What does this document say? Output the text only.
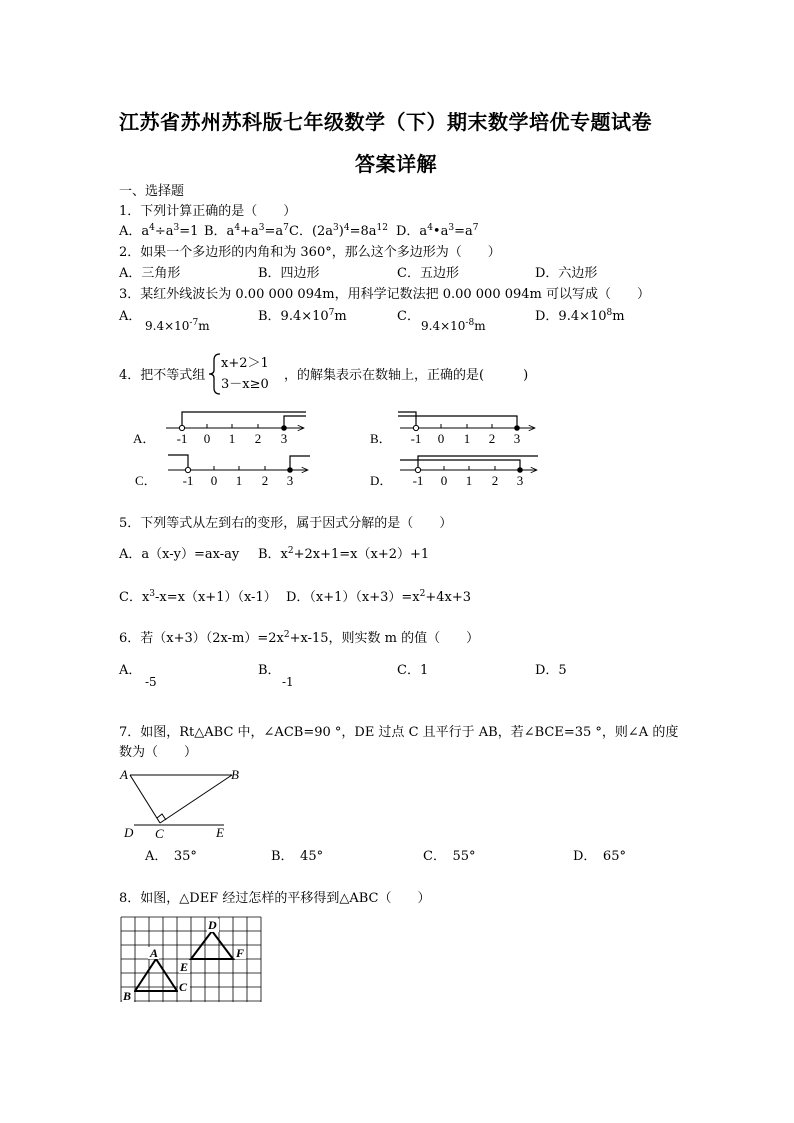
江苏省苏州苏科版七年级数学（下）期末数学培优专题试卷
答案详解
一、选择题
1．下列计算正确的是（　　）
A．$a^4\div a^3=1$ B．$a^4+a^3=a^7$ C．$(2a^3)^4=8a^{12}$ D．$a^4•a^3=a^7$
2．如果一个多边形的内角和为 360°，那么这个多边形为（　　）
A．三角形	B．四边形	C．五边形	D．六边形
3．某红外线波长为 0.00 000 094m，用科学记数法把 0.00 000 094m 可以写成（　　）
A．
$9.4\times 10^{-7}m$
B．$9.4\times 10^7m$	C．
$9.4\times 10^{-8}m$
D．$9.4\times 10^8m$
4．把不等式组
x+2＞1
3－x≥0
，的解集表示在数轴上，正确的是(　　　)
A． -1 0 1 2 3	B． -1 0 1 2 3
C． -1 0 1 2 3	D． -1 0 1 2 3
5．下列等式从左到右的变形，属于因式分解的是（　　）
A．a（x-y）=ax-ay B．$x^2+2x+1=x(x+2)+1$
C．$x^3-x=x(x+1)(x-1)$ D．$(x+1)(x+3)=x^2+4x+3$
6．若$(x+3)(2x-m)=2x^2+x-15$，则实数 m 的值（　　）
A．
-5
B．
-1
C．1	D．5
7．如图，Rt△ABC 中，∠ACB=90 °，DE 过点 C 且平行于 AB，若∠BCE=35 °，则∠A 的度
数为（　　）
A	B
C
D	E
A．　35°	B．　45°	C．　55°	D．　65°
8．如图，△DEF 经过怎样的平移得到△ABC（　　）
A
B
C
D
E
F
